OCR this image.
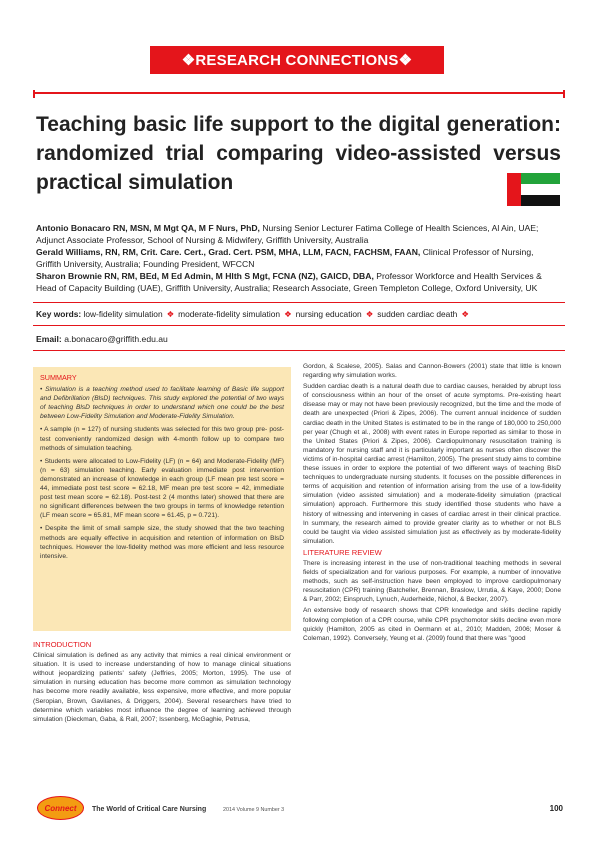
❖RESEARCH CONNECTIONS❖
Teaching basic life support to the digital generation: randomized trial comparing video-assisted versus practical simulation

Antonio Bonacaro RN, MSN, M Mgt QA, M F Nurs, PhD, Nursing Senior Lecturer Fatima College of Health Sciences, Al Ain, UAE; Adjunct Associate Professor, School of Nursing & Midwifery, Griffith University, Australia

Gerald Williams, RN, RM, Crit. Care. Cert., Grad. Cert. PSM, MHA, LLM, FACN, FACHSM, FAAN, Clinical Professor of Nursing, Griffith University, Australia; Founding President, WFCCN

Sharon Brownie RN, RM, BEd, M Ed Admin, M Hlth S Mgt, FCNA (NZ), GAICD, DBA, Professor Workforce and Health Services & Head of Capacity Building (UAE), Griffith University, Australia; Research Associate, Green Templeton College, Oxford University, UK

Key words: low-fidelity simulation ❖ moderate-fidelity simulation ❖ nursing education ❖ sudden cardiac death ❖
Email: a.bonacaro@griffith.edu.au
SUMMARY

• Simulation is a teaching method used to facilitate learning of Basic life support and Defibrillation (BlsD) techniques. This study explored the potential of two ways of teaching BlsD techniques in order to understand which one could be the best between Low-Fidelity Simulation and Moderate-Fidelity Simulation.

• A sample (n = 127) of nursing students was selected for this two group pre- post- test conveniently randomized design with 4-month follow up to compare two methods of simulation teaching.

• Students were allocated to Low-Fidelity (LF) (n = 64) and Moderate-Fidelity (MF) (n = 63) simulation teaching. Early evaluation immediate post intervention demonstrated an increase of knowledge in each group (LF mean pre test score = 44, immediate post test score = 62.18, MF mean pre test score = 42, immediate post test mean score = 62.18). Post-test 2 (4 months later) showed that there are no significant differences between the two groups in terms of knowledge retention (LF mean score = 65.81, MF mean score = 61.45, p = 0.721).

• Despite the limit of small sample size, the study showed that the two teaching methods are equally effective in acquisition and retention of information on BlsD techniques. However the low-fidelity method was more efficient and less resource intensive.

INTRODUCTION

Clinical simulation is defined as any activity that mimics a real clinical environment or situation. It is used to increase understanding of how to manage clinical situations without jeopardizing patients' safety (Jeffries, 2005; Morton, 1995). The use of simulation in nursing education has become more common as simulation technology has become more readily available, less expensive, more effective, and more popular (Seropian, Brown, Gavilanes, & Driggers, 2004). Several researchers have tried to determine which variables most influence the degree of learning achieved through simulation (Dieckman, Gaba, & Rall, 2007; Issenberg, McGaghie, Petrusa,

Gordon, & Scalese, 2005). Salas and Cannon-Bowers (2001) state that little is known regarding why simulation works.

Sudden cardiac death is a natural death due to cardiac causes, heralded by abrupt loss of consciousness within an hour of the onset of acute symptoms. Pre-existing heart disease may or may not have been previously recognized, but the time and the mode of death are unexpected (Priori & Zipes, 2006). The current annual incidence of sudden cardiac death in the United States is estimated to be in the range of 180,000 to 250,000 per year (Chugh et al., 2008) with event rates in Europe reported as similar to those in the United States (Priori & Zipes, 2006). Cardiopulmonary resuscitation training is mandatory for nursing staff and it is particularly important as nurses often discover the victims of in-hospital cardiac arrest (Hamilton, 2005). The present study aims to combine these issues in order to explore the potential of two different ways of teaching BlsD techniques to undergraduate nursing students. It focuses on the possible differences in terms of acquisition and retention of information arising from the use of a low-fidelity simulation (video assisted simulation) and a moderate-fidelity simulation (practical simulation) approach. Furthermore this study identified those students who have a history of witnessing and intervening in cases of cardiac arrest in their clinical practice. In summary, the research aimed to provide greater clarity as to whether or not BLS could be taught via video assisted simulation just as effectively as by moderate-fidelity simulation.

LITERATURE REVIEW

There is increasing interest in the use of non-traditional teaching methods in several fields of specialization and for various purposes. For example, a number of innovative methods, such as self-instruction have been employed to improve cardiopulmonary resuscitation (CPR) training (Batcheller, Brennan, Braslow, Urrutia, & Kaye, 2000; Done & Parr, 2002; Einspruch, Lynuch, Auderheide, Nichol, & Becker, 2007).

An extensive body of research shows that CPR knowledge and skills decline rapidly following completion of a CPR course, while CPR psychomotor skills decline even more quickly (Hamilton, 2005 as cited in Oermann et al., 2010; Madden, 2006; Moser & Coleman, 1992). Conversely, Yeung et al. (2009) found that there was "good

Connect	The World of Critical Care Nursing	2014 Volume 9 Number 3	100
